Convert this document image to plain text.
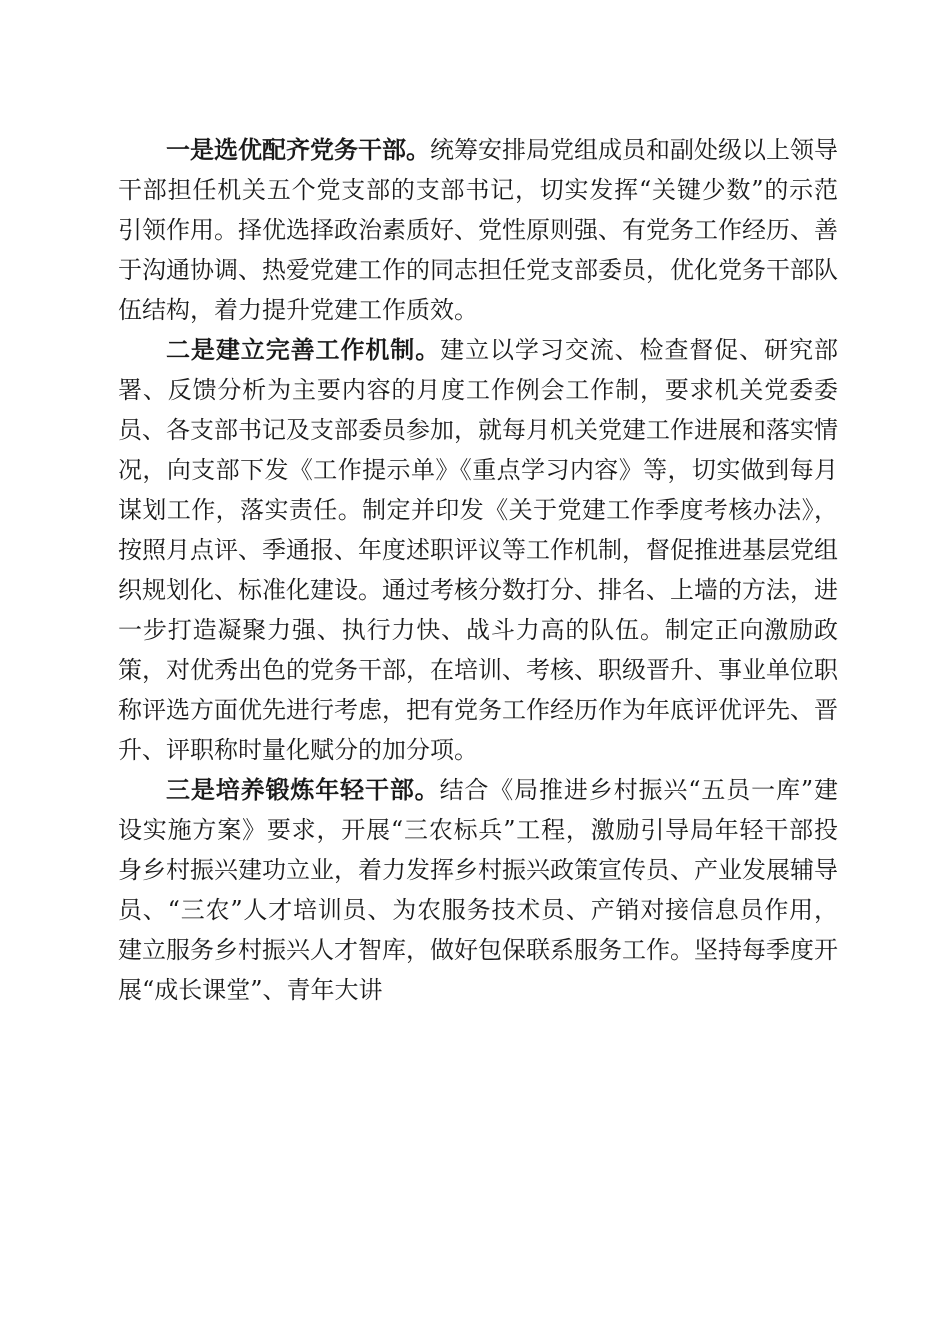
一是选优配齐党务干部。统筹安排局党组成员和副处级以上领导干部担任机关五个党支部的支部书记，切实发挥“关键少数”的示范引领作用。择优选择政治素质好、党性原则强、有党务工作经历、善于沟通协调、热爱党建工作的同志担任党支部委员，优化党务干部队伍结构，着力提升党建工作质效。

二是建立完善工作机制。建立以学习交流、检查督促、研究部署、反馈分析为主要内容的月度工作例会工作制，要求机关党委委员、各支部书记及支部委员参加，就每月机关党建工作进展和落实情况，向支部下发《工作提示单》《重点学习内容》等，切实做到每月谋划工作，落实责任。制定并印发《关于党建工作季度考核办法》，按照月点评、季通报、年度述职评议等工作机制，督促推进基层党组织规划化、标准化建设。通过考核分数打分、排名、上墙的方法，进一步打造凝聚力强、执行力快、战斗力高的队伍。制定正向激励政策，对优秀出色的党务干部，在培训、考核、职级晋升、事业单位职称评选方面优先进行考虑，把有党务工作经历作为年底评优评先、晋升、评职称时量化赋分的加分项。

三是培养锻炼年轻干部。结合《局推进乡村振兴“五员一库”建设实施方案》要求，开展“三农标兵”工程，激励引导局年轻干部投身乡村振兴建功立业，着力发挥乡村振兴政策宣传员、产业发展辅导员、“三农”人才培训员、为农服务技术员、产销对接信息员作用，建立服务乡村振兴人才智库，做好包保联系服务工作。坚持每季度开展“成长课堂”、青年大讲
